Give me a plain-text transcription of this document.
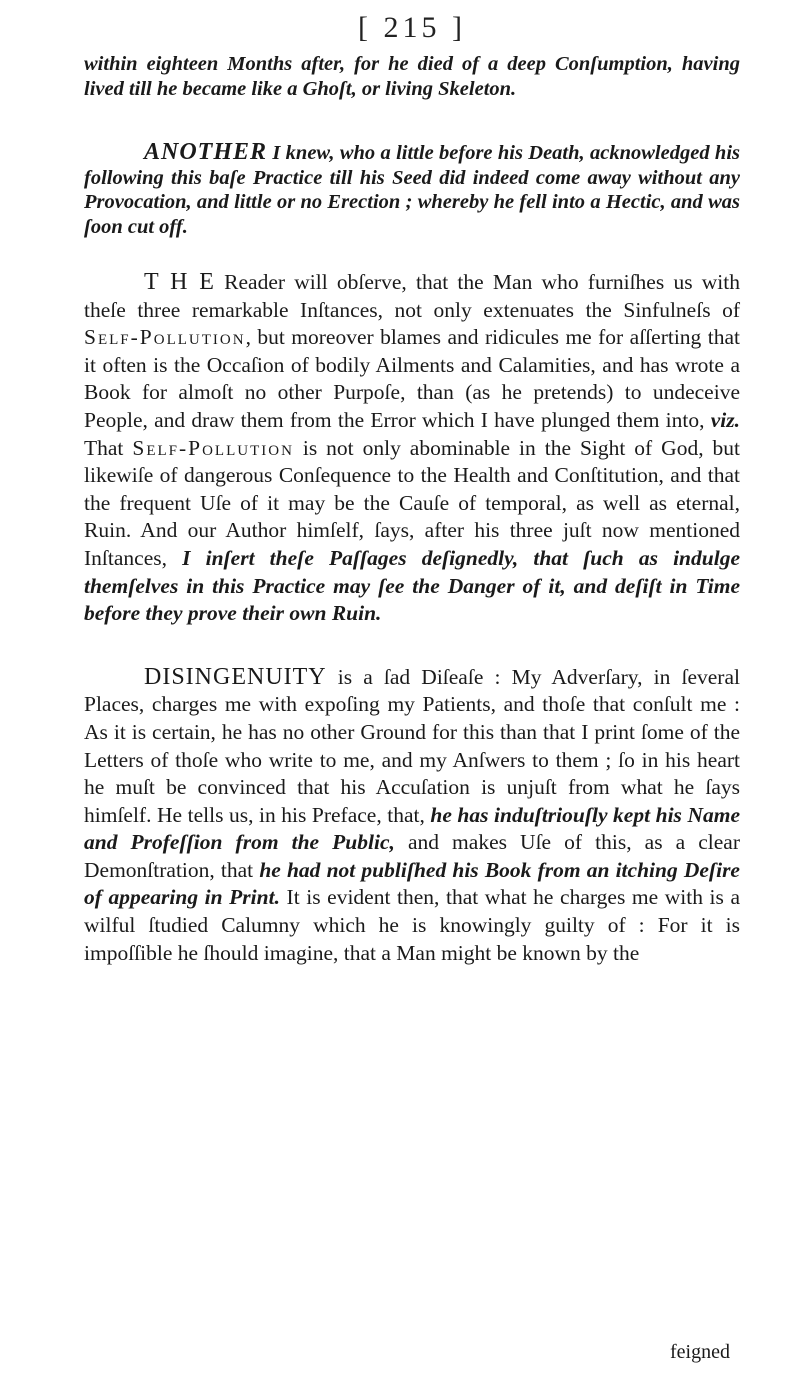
[ 215 ]

within eighteen Months after, for he died of a deep Conſumption, having lived till he became like a Ghoſt, or living Skeleton.

ANOTHER I knew, who a little before his Death, acknowledged his following this baſe Practice till his Seed did indeed come away without any Provocation, and little or no Erection ; whereby he fell into a Hectic, and was ſoon cut off.

T H E Reader will obſerve, that the Man who furniſhes us with theſe three remarkable Inſtances, not only extenuates the Sinfulneſs of Self-Pollution, but moreover blames and ridicules me for aſſerting that it often is the Occaſion of bodily Ailments and Calamities, and has wrote a Book for almoſt no other Purpoſe, than (as he pretends) to undeceive People, and draw them from the Error which I have plunged them into, viz. That Self-Pollution is not only abominable in the Sight of God, but likewiſe of dangerous Conſequence to the Health and Conſtitution, and that the frequent Uſe of it may be the Cauſe of temporal, as well as eternal, Ruin. And our Author himſelf, ſays, after his three juſt now mentioned Inſtances, I inſert theſe Paſſages deſignedly, that ſuch as indulge themſelves in this Practice may ſee the Danger of it, and deſiſt in Time before they prove their own Ruin.

DISINGENUITY is a ſad Diſeaſe : My Adverſary, in ſeveral Places, charges me with expoſing my Patients, and thoſe that conſult me : As it is certain, he has no other Ground for this than that I print ſome of the Letters of thoſe who write to me, and my Anſwers to them ; ſo in his heart he muſt be convinced that his Accuſation is unjuſt from what he ſays himſelf. He tells us, in his Preface, that, he has induſtriouſly kept his Name and Profeſſion from the Public, and makes Uſe of this, as a clear Demonſtration, that he had not publiſhed his Book from an itching Deſire of appearing in Print. It is evident then, that what he charges me with is a wilful ſtudied Calumny which he is knowingly guilty of : For it is impoſſible he ſhould imagine, that a Man might be known by the

feigned
